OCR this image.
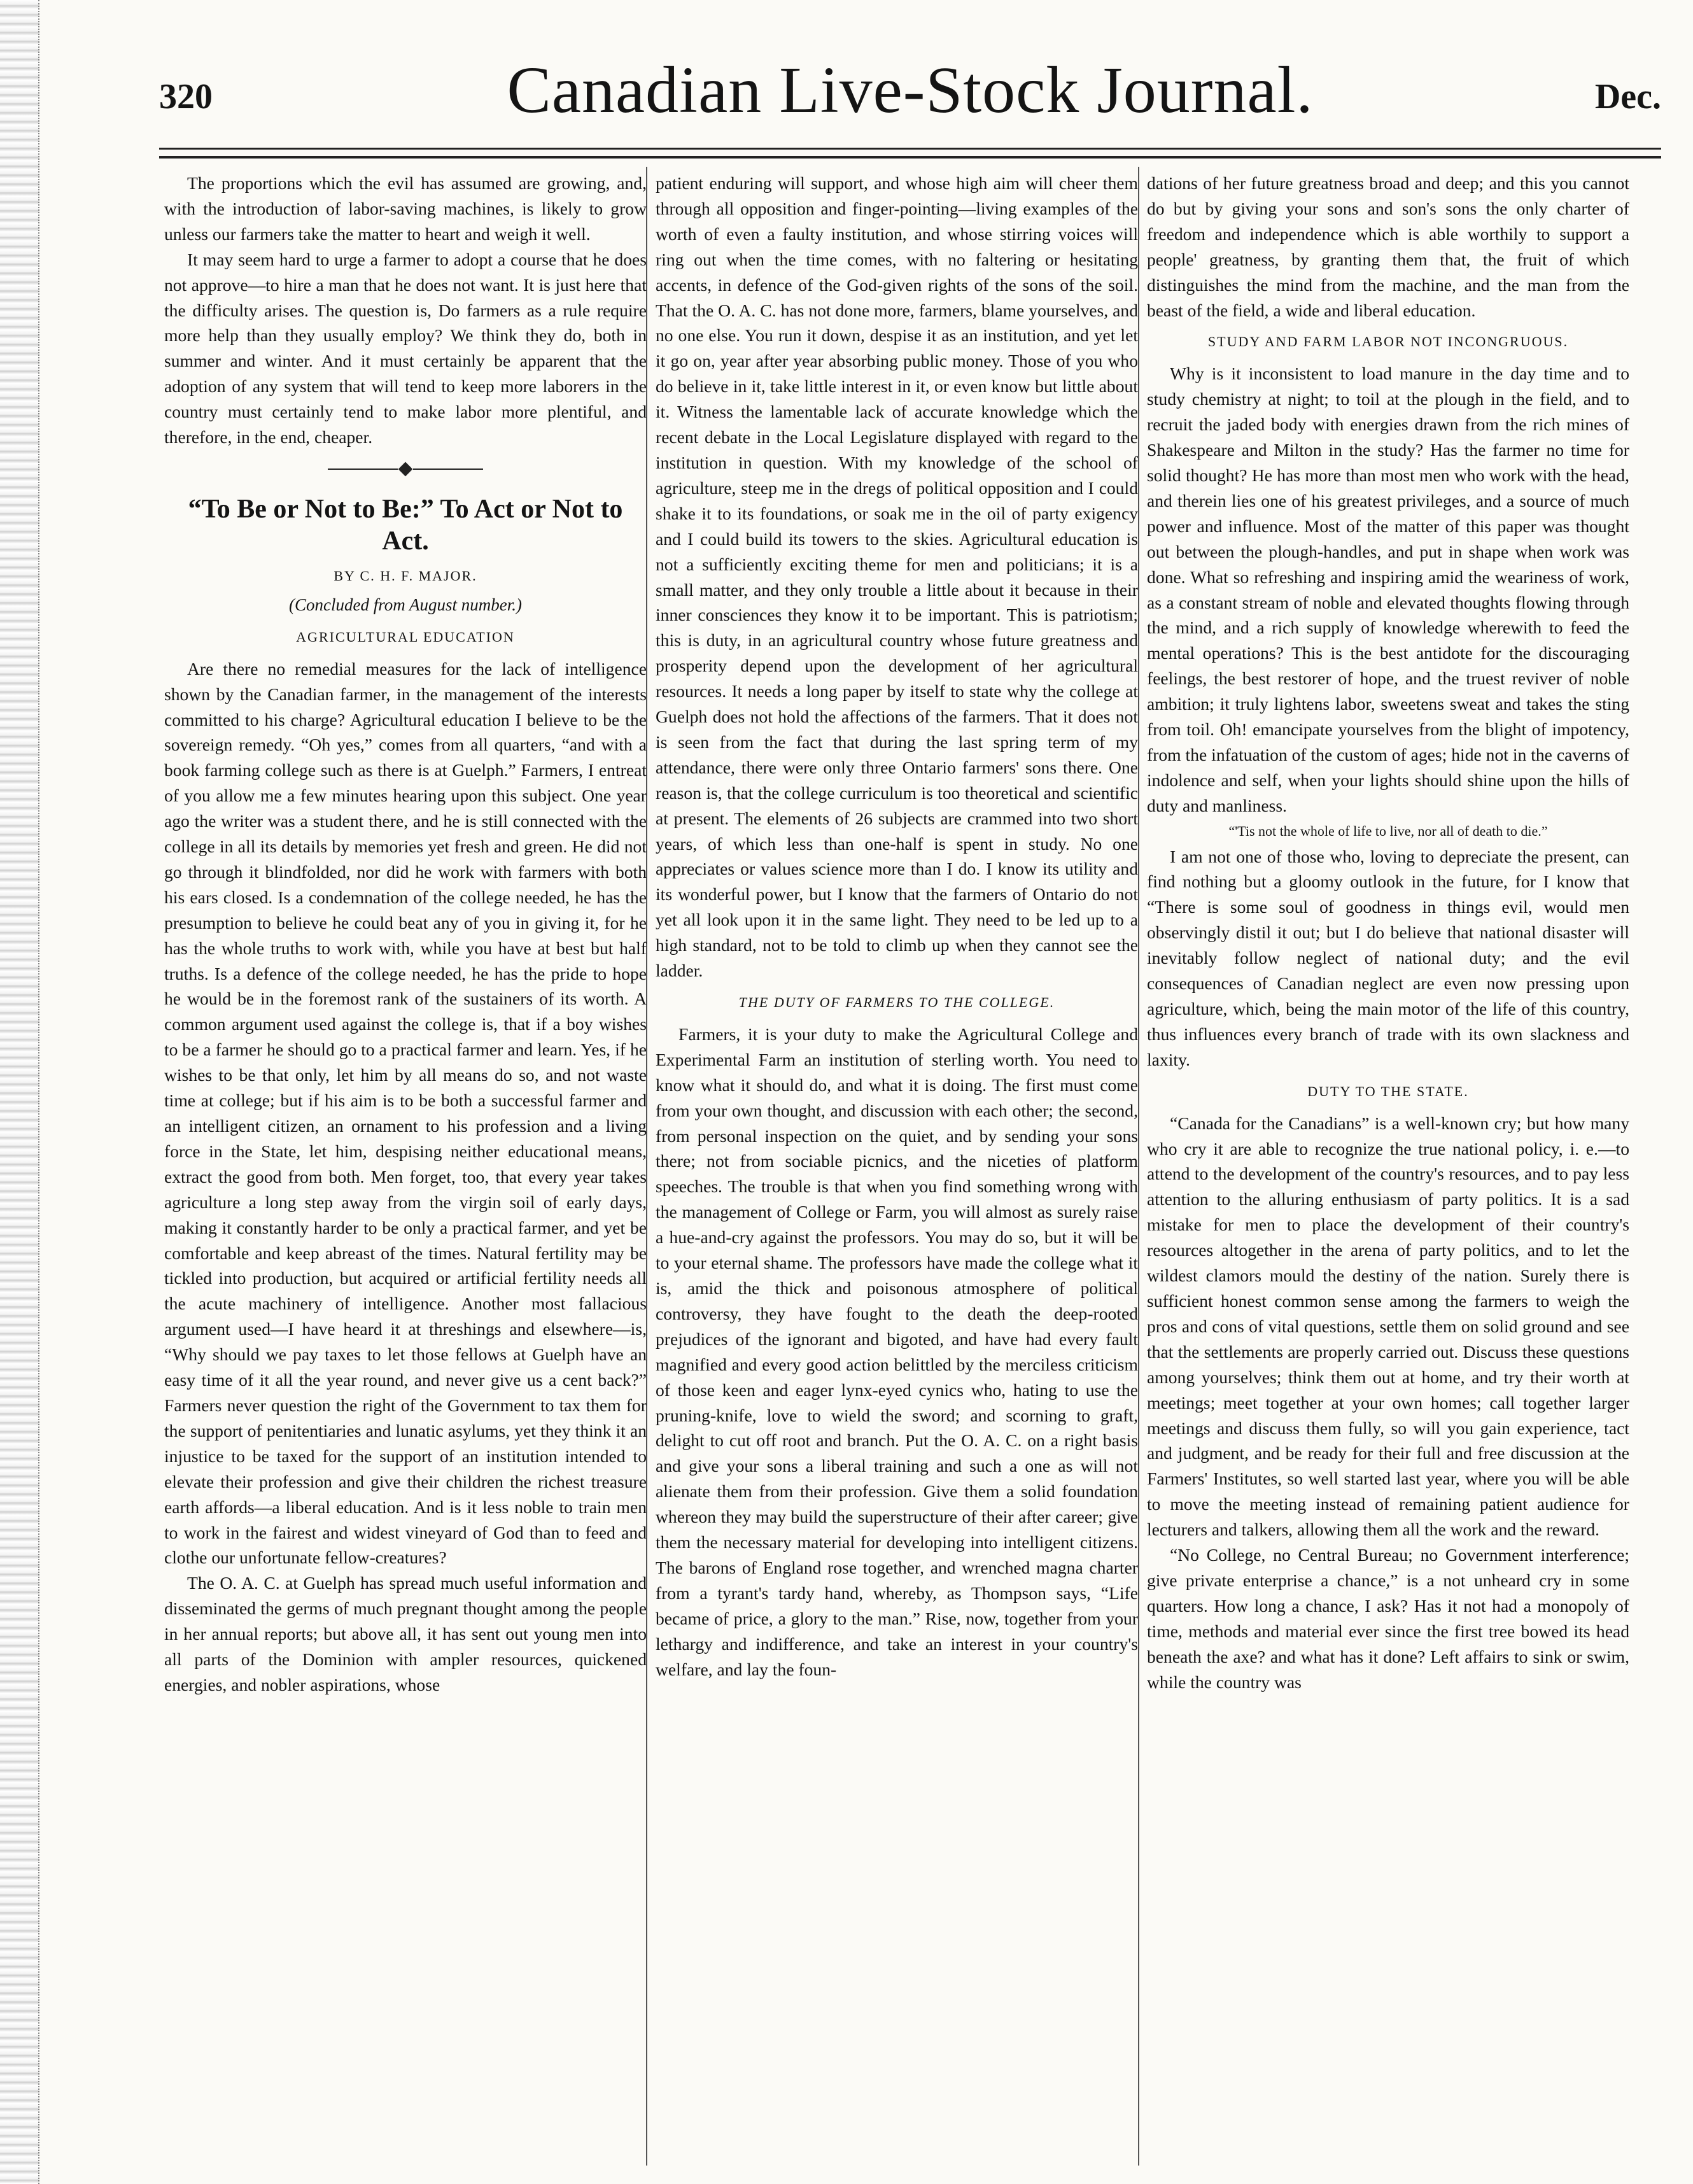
320	Canadian Live-Stock Journal.	Dec.

The proportions which the evil has assumed are growing, and, with the introduction of labor-saving machines, is likely to grow unless our farmers take the matter to heart and weigh it well.

It may seem hard to urge a farmer to adopt a course that he does not approve—to hire a man that he does not want. It is just here that the difficulty arises. The question is, Do farmers as a rule require more help than they usually employ? We think they do, both in summer and winter. And it must certainly be apparent that the adoption of any system that will tend to keep more laborers in the country must certainly tend to make labor more plentiful, and therefore, in the end, cheaper.

“To Be or Not to Be:” To Act or Not to Act.
BY C. H. F. MAJOR.
(Concluded from August number.)
AGRICULTURAL EDUCATION

Are there no remedial measures for the lack of intelligence shown by the Canadian farmer, in the management of the interests committed to his charge? Agricultural education I believe to be the sovereign remedy. “Oh yes,” comes from all quarters, “and with a book farming college such as there is at Guelph.” Farmers, I entreat of you allow me a few minutes hearing upon this subject. One year ago the writer was a student there, and he is still connected with the college in all its details by memories yet fresh and green. He did not go through it blindfolded, nor did he work with farmers with both his ears closed. Is a condemnation of the college needed, he has the presumption to believe he could beat any of you in giving it, for he has the whole truths to work with, while you have at best but half truths. Is a defence of the college needed, he has the pride to hope he would be in the foremost rank of the sustainers of its worth. A common argument used against the college is, that if a boy wishes to be a farmer he should go to a practical farmer and learn. Yes, if he wishes to be that only, let him by all means do so, and not waste time at college; but if his aim is to be both a successful farmer and an intelligent citizen, an ornament to his profession and a living force in the State, let him, despising neither educational means, extract the good from both. Men forget, too, that every year takes agriculture a long step away from the virgin soil of early days, making it constantly harder to be only a practical farmer, and yet be comfortable and keep abreast of the times. Natural fertility may be tickled into production, but acquired or artificial fertility needs all the acute machinery of intelligence. Another most fallacious argument used—I have heard it at threshings and elsewhere—is, “Why should we pay taxes to let those fellows at Guelph have an easy time of it all the year round, and never give us a cent back?” Farmers never question the right of the Government to tax them for the support of penitentiaries and lunatic asylums, yet they think it an injustice to be taxed for the support of an institution intended to elevate their profession and give their children the richest treasure earth affords—a liberal education. And is it less noble to train men to work in the fairest and widest vineyard of God than to feed and clothe our unfortunate fellow-creatures?

The O. A. C. at Guelph has spread much useful information and disseminated the germs of much pregnant thought among the people in her annual reports; but above all, it has sent out young men into all parts of the Dominion with ampler resources, quickened energies, and nobler aspirations, whose

patient enduring will support, and whose high aim will cheer them through all opposition and finger-pointing—living examples of the worth of even a faulty institution, and whose stirring voices will ring out when the time comes, with no faltering or hesitating accents, in defence of the God-given rights of the sons of the soil. That the O. A. C. has not done more, farmers, blame yourselves, and no one else. You run it down, despise it as an institution, and yet let it go on, year after year absorbing public money. Those of you who do believe in it, take little interest in it, or even know but little about it. Witness the lamentable lack of accurate knowledge which the recent debate in the Local Legislature displayed with regard to the institution in question. With my knowledge of the school of agriculture, steep me in the dregs of political opposition and I could shake it to its foundations, or soak me in the oil of party exigency and I could build its towers to the skies. Agricultural education is not a sufficiently exciting theme for men and politicians; it is a small matter, and they only trouble a little about it because in their inner consciences they know it to be important. This is patriotism; this is duty, in an agricultural country whose future greatness and prosperity depend upon the development of her agricultural resources. It needs a long paper by itself to state why the college at Guelph does not hold the affections of the farmers. That it does not is seen from the fact that during the last spring term of my attendance, there were only three Ontario farmers' sons there. One reason is, that the college curriculum is too theoretical and scientific at present. The elements of 26 subjects are crammed into two short years, of which less than one-half is spent in study. No one appreciates or values science more than I do. I know its utility and its wonderful power, but I know that the farmers of Ontario do not yet all look upon it in the same light. They need to be led up to a high standard, not to be told to climb up when they cannot see the ladder.

THE DUTY OF FARMERS TO THE COLLEGE.

Farmers, it is your duty to make the Agricultural College and Experimental Farm an institution of sterling worth. You need to know what it should do, and what it is doing. The first must come from your own thought, and discussion with each other; the second, from personal inspection on the quiet, and by sending your sons there; not from sociable picnics, and the niceties of platform speeches. The trouble is that when you find something wrong with the management of College or Farm, you will almost as surely raise a hue-and-cry against the professors. You may do so, but it will be to your eternal shame. The professors have made the college what it is, amid the thick and poisonous atmosphere of political controversy, they have fought to the death the deep-rooted prejudices of the ignorant and bigoted, and have had every fault magnified and every good action belittled by the merciless criticism of those keen and eager lynx-eyed cynics who, hating to use the pruning-knife, love to wield the sword; and scorning to graft, delight to cut off root and branch. Put the O. A. C. on a right basis and give your sons a liberal training and such a one as will not alienate them from their profession. Give them a solid foundation whereon they may build the superstructure of their after career; give them the necessary material for developing into intelligent citizens. The barons of England rose together, and wrenched magna charter from a tyrant's tardy hand, whereby, as Thompson says, “Life became of price, a glory to the man.” Rise, now, together from your lethargy and indifference, and take an interest in your country's welfare, and lay the foun-

dations of her future greatness broad and deep; and this you cannot do but by giving your sons and son's sons the only charter of freedom and independence which is able worthily to support a people' greatness, by granting them that, the fruit of which distinguishes the mind from the machine, and the man from the beast of the field, a wide and liberal education.

STUDY AND FARM LABOR NOT INCONGRUOUS.

Why is it inconsistent to load manure in the day time and to study chemistry at night; to toil at the plough in the field, and to recruit the jaded body with energies drawn from the rich mines of Shakespeare and Milton in the study? Has the farmer no time for solid thought? He has more than most men who work with the head, and therein lies one of his greatest privileges, and a source of much power and influence. Most of the matter of this paper was thought out between the plough-handles, and put in shape when work was done. What so refreshing and inspiring amid the weariness of work, as a constant stream of noble and elevated thoughts flowing through the mind, and a rich supply of knowledge wherewith to feed the mental operations? This is the best antidote for the discouraging feelings, the best restorer of hope, and the truest reviver of noble ambition; it truly lightens labor, sweetens sweat and takes the sting from toil. Oh! emancipate yourselves from the blight of impotency, from the infatuation of the custom of ages; hide not in the caverns of indolence and self, when your lights should shine upon the hills of duty and manliness.

“'Tis not the whole of life to live, nor all of death to die.”

I am not one of those who, loving to depreciate the present, can find nothing but a gloomy outlook in the future, for I know that “There is some soul of goodness in things evil, would men observingly distil it out; but I do believe that national disaster will inevitably follow neglect of national duty; and the evil consequences of Canadian neglect are even now pressing upon agriculture, which, being the main motor of the life of this country, thus influences every branch of trade with its own slackness and laxity.

DUTY TO THE STATE.

“Canada for the Canadians” is a well-known cry; but how many who cry it are able to recognize the true national policy, i. e.—to attend to the development of the country's resources, and to pay less attention to the alluring enthusiasm of party politics. It is a sad mistake for men to place the development of their country's resources altogether in the arena of party politics, and to let the wildest clamors mould the destiny of the nation. Surely there is sufficient honest common sense among the farmers to weigh the pros and cons of vital questions, settle them on solid ground and see that the settlements are properly carried out. Discuss these questions among yourselves; think them out at home, and try their worth at meetings; meet together at your own homes; call together larger meetings and discuss them fully, so will you gain experience, tact and judgment, and be ready for their full and free discussion at the Farmers' Institutes, so well started last year, where you will be able to move the meeting instead of remaining patient audience for lecturers and talkers, allowing them all the work and the reward.

“No College, no Central Bureau; no Government interference; give private enterprise a chance,” is a not unheard cry in some quarters. How long a chance, I ask? Has it not had a monopoly of time, methods and material ever since the first tree bowed its head beneath the axe? and what has it done? Left affairs to sink or swim, while the country was
